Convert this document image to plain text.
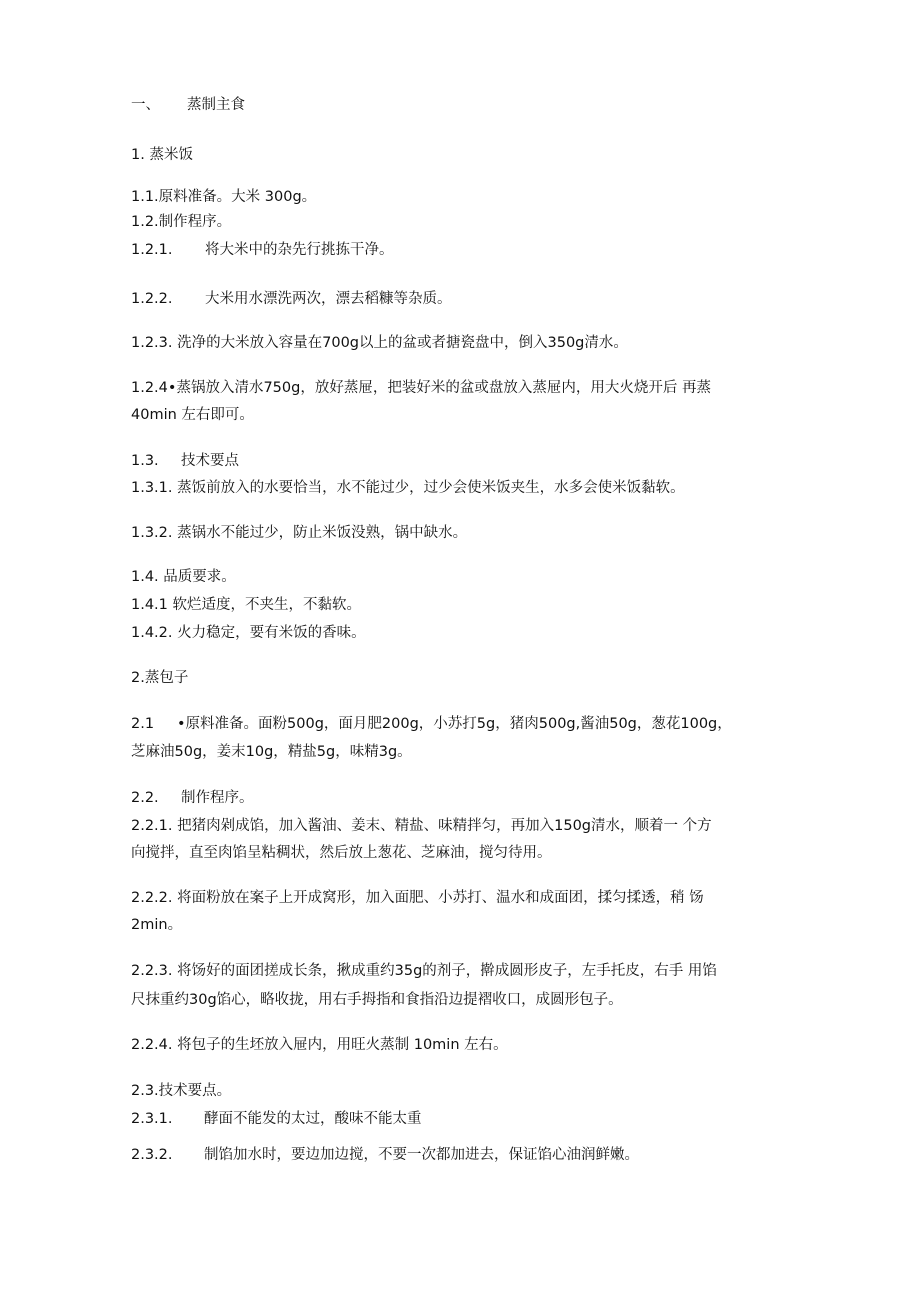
一、 蒸制主食
1. 蒸米饭
1.1.原料准备。大米 300g。
1.2.制作程序。
1.2.1. 将大米中的杂先行挑拣干净。
1.2.2. 大米用水漂洗两次，漂去稻糠等杂质。
1.2.3. 洗净的大米放入容量在700g以上的盆或者搪瓷盘中，倒入350g清水。
1.2.4•蒸锅放入清水750g，放好蒸屉，把装好米的盆或盘放入蒸屉内，用大火烧开后 再蒸
40min 左右即可。
1.3. 技术要点
1.3.1. 蒸饭前放入的水要恰当，水不能过少，过少会使米饭夹生，水多会使米饭黏软。
1.3.2. 蒸锅水不能过少，防止米饭没熟，锅中缺水。
1.4. 品质要求。
1.4.1 软烂适度，不夹生，不黏软。
1.4.2. 火力稳定，要有米饭的香味。
2.蒸包子
2.1 •原料准备。面粉500g，面月肥200g，小苏打5g，猪肉500g,酱油50g，葱花100g，
芝麻油50g，姜末10g，精盐5g，味精3g。
2.2. 制作程序。
2.2.1. 把猪肉剁成馅，加入酱油、姜末、精盐、味精拌匀，再加入150g清水，顺着一 个方
向搅拌，直至肉馅呈粘稠状，然后放上葱花、芝麻油，搅匀待用。
2.2.2. 将面粉放在案子上开成窝形，加入面肥、小苏打、温水和成面团，揉匀揉透，稍 饧
2min。
2.2.3. 将饧好的面团搓成长条，揪成重约35g的剂子，擀成圆形皮子，左手托皮，右手 用馅
尺抹重约30g馅心，略收拢，用右手拇指和食指沿边提褶收口，成圆形包子。
2.2.4. 将包子的生坯放入屉内，用旺火蒸制 10min 左右。
2.3.技术要点。
2.3.1. 酵面不能发的太过，酸味不能太重
2.3.2. 制馅加水时，要边加边搅，不要一次都加进去，保证馅心油润鲜嫩。
